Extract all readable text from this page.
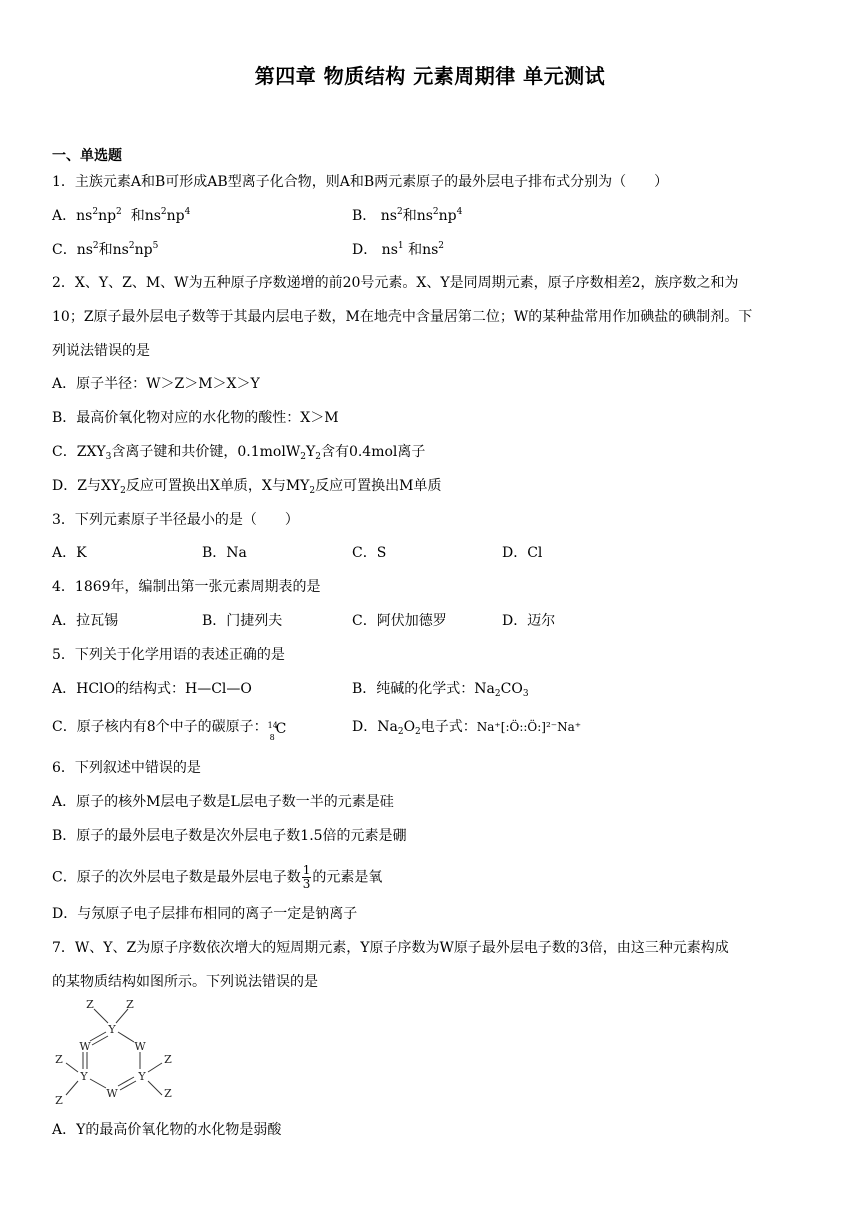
第四章 物质结构 元素周期律 单元测试
一、单选题
1．主族元素A和B可形成AB型离子化合物，则A和B两元素原子的最外层电子排布式分别为（　　）
A．$ns^2np^2$ 和$ns^2np^4$	B． $ns^2$和$ns^2np^4$
C．$ns^2$和$ns^2np^5$	D． $ns^1$ 和$ns^2$
2．X、Y、Z、M、W为五种原子序数递增的前20号元素。X、Y是同周期元素，原子序数相差2，族序数之和为
10；Z原子最外层电子数等于其最内层电子数，M在地壳中含量居第二位；W的某种盐常用作加碘盐的碘制剂。下
列说法错误的是
A．原子半径：W＞Z＞M＞X＞Y
B．最高价氧化物对应的水化物的酸性：X＞M
C．$ZXY_3$含离子键和共价键，$0.1molW_2Y_2$含有0.4mol离子
D．Z与$XY_2$反应可置换出X单质，X与$MY_2$反应可置换出M单质
3．下列元素原子半径最小的是（　　）
A．K	B．Na	C．S	D．Cl
4．1869年，编制出第一张元素周期表的是
A．拉瓦锡	B．门捷列夫	C．阿伏加德罗	D．迈尔
5．下列关于化学用语的表述正确的是
A．HClO的结构式：H—Cl—O	B．纯碱的化学式：$Na_2CO_3$
C．原子核内有8个中子的碳原子： 14
8
C	D．$Na_2O_2$电子式：Na⁺[:Ö::Ö:]²⁻Na⁺
6．下列叙述中错误的是
A．原子的核外M层电子数是L层电子数一半的元素是硅
B．原子的最外层电子数是次外层电子数1.5倍的元素是硼
C．原子的次外层电子数是最外层电子数 $\frac{1}{3}$ 的元素是氧
D．与氖原子电子层排布相同的离子一定是钠离子
7．W、Y、Z为原子序数依次增大的短周期元素，Y原子序数为W原子最外层电子数的3倍，由这三种元素构成
的某物质结构如图所示。下列说法错误的是
Z	Z
Y
W	W
Z	Z
Y	Y
W
Z
Z
A．Y的最高价氧化物的水化物是弱酸
